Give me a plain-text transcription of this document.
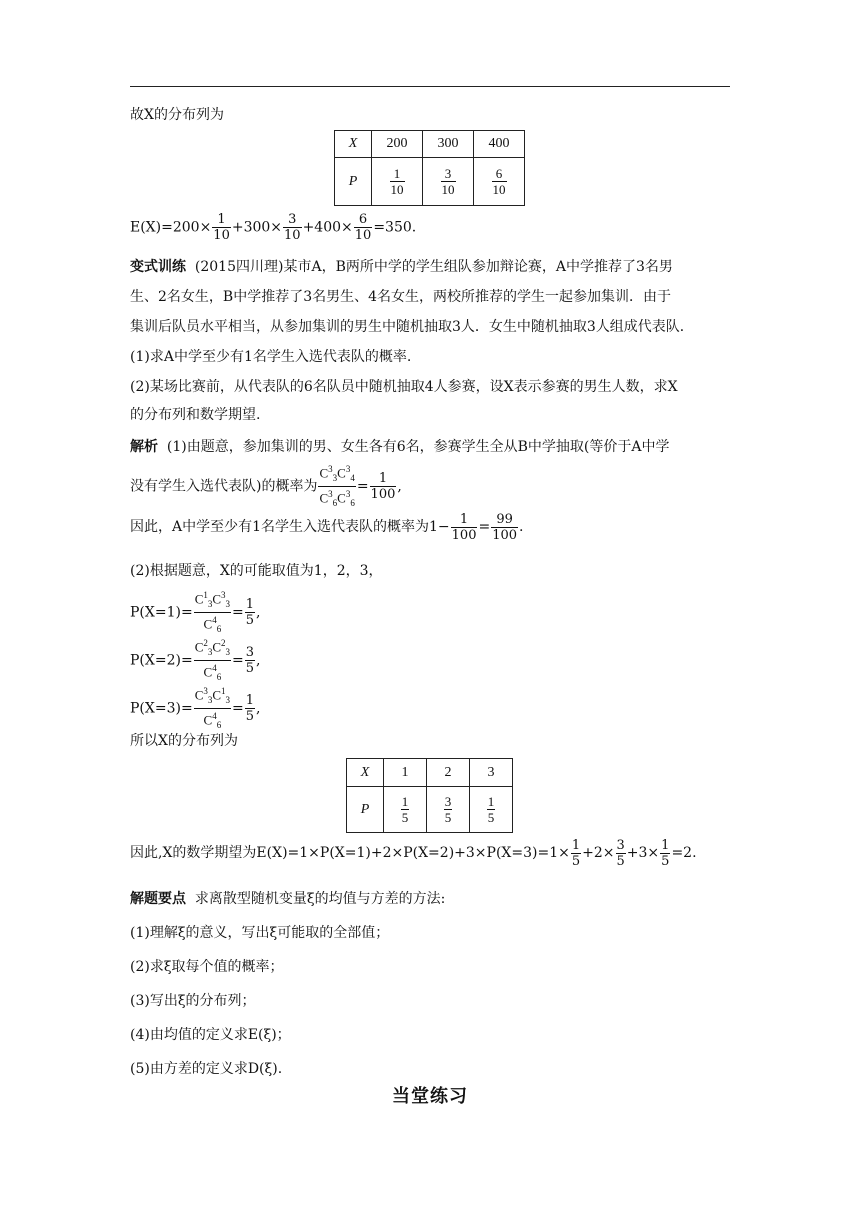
故X的分布列为
X	200	300	400
P	$\frac{1}{10}$	$\frac{3}{10}$	$\frac{6}{10}$
$E(X)=200\times \frac{1}{10} +300\times \frac{3}{10} +400\times \frac{6}{10} =350$.
变式训练 (2015四川理)某市A，B两所中学的学生组队参加辩论赛，A中学推荐了3名男
生、2名女生，B中学推荐了3名男生、4名女生，两校所推荐的学生一起参加集训．由于
集训后队员水平相当，从参加集训的男生中随机抽取3人．女生中随机抽取3人组成代表队．
(1)求A中学至少有1名学生入选代表队的概率.
(2)某场比赛前，从代表队的6名队员中随机抽取4人参赛，设X表示参赛的男生人数，求X
的分布列和数学期望.
解析 (1)由题意，参加集训的男、女生各有6名，参赛学生全从B中学抽取(等价于A中学
没有学生入选代表队)的概率为 $\frac{C^3_3C^3_4}{C^3_6C^3_6} = \frac{1}{100}$ ,
因此，A中学至少有1名学生入选代表队的概率为$1- \frac{1}{100} = \frac{99}{100}$ .
(2)根据题意，X的可能取值为1，2，3，
$P(X=1)= \frac{C^1_3C^3_3}{C^4_6} = \frac{1}{5}$ ,
$P(X=2)= \frac{C^2_3C^2_3}{C^4_6} = \frac{3}{5}$ ,
$P(X=3)= \frac{C^3_3C^1_3}{C^4_6} = \frac{1}{5}$ ,
所以X的分布列为
X	1	2	3
P	$\frac{1}{5}$	$\frac{3}{5}$	$\frac{1}{5}$
因此,X的数学期望为$E(X)=1\times P(X=1)+2\times P(X=2)+3\times P(X=3)=1\times \frac{1}{5} +2\times \frac{3}{5} +3\times \frac{1}{5} =2$.
解题要点 求离散型随机变量ξ的均值与方差的方法:
(1)理解ξ的意义，写出ξ可能取的全部值；
(2)求ξ取每个值的概率；
(3)写出ξ的分布列；
(4)由均值的定义求E(ξ)；
(5)由方差的定义求D(ξ).
当堂练习
